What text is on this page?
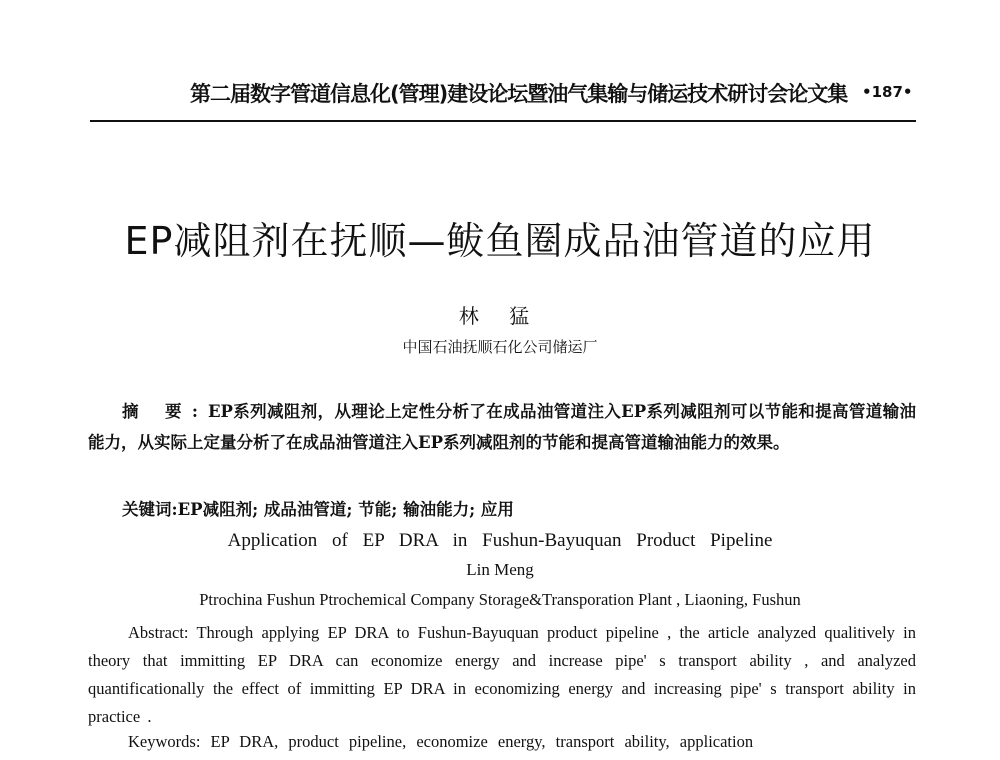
第二届数字管道信息化(管理)建设论坛暨油气集输与储运技术研讨会论文集 •187•
EP减阻剂在抚顺—鲅鱼圈成品油管道的应用
林 猛
中国石油抚顺石化公司储运厂
摘 要:EP系列减阻剂，从理论上定性分析了在成品油管道注入EP系列减阻剂可以节能和提高管道输油能力，从实际上定量分析了在成品油管道注入EP系列减阻剂的节能和提高管道输油能力的效果。
关键词:EP减阻剂; 成品油管道; 节能; 输油能力; 应用
Application of EP DRA in Fushun-Bayuquan Product Pipeline
Lin Meng
Ptrochina Fushun Ptrochemical Company Storage&Transporation Plant , Liaoning, Fushun
Abstract: Through applying EP DRA to Fushun-Bayuquan product pipeline , the article analyzed qualitively in theory that immitting EP DRA can economize energy and increase pipe' s transport ability , and analyzed quantificationally the effect of immitting EP DRA in economizing energy and increasing pipe' s transport ability in practice .
Keywords: EP DRA, product pipeline, economize energy, transport ability, application
